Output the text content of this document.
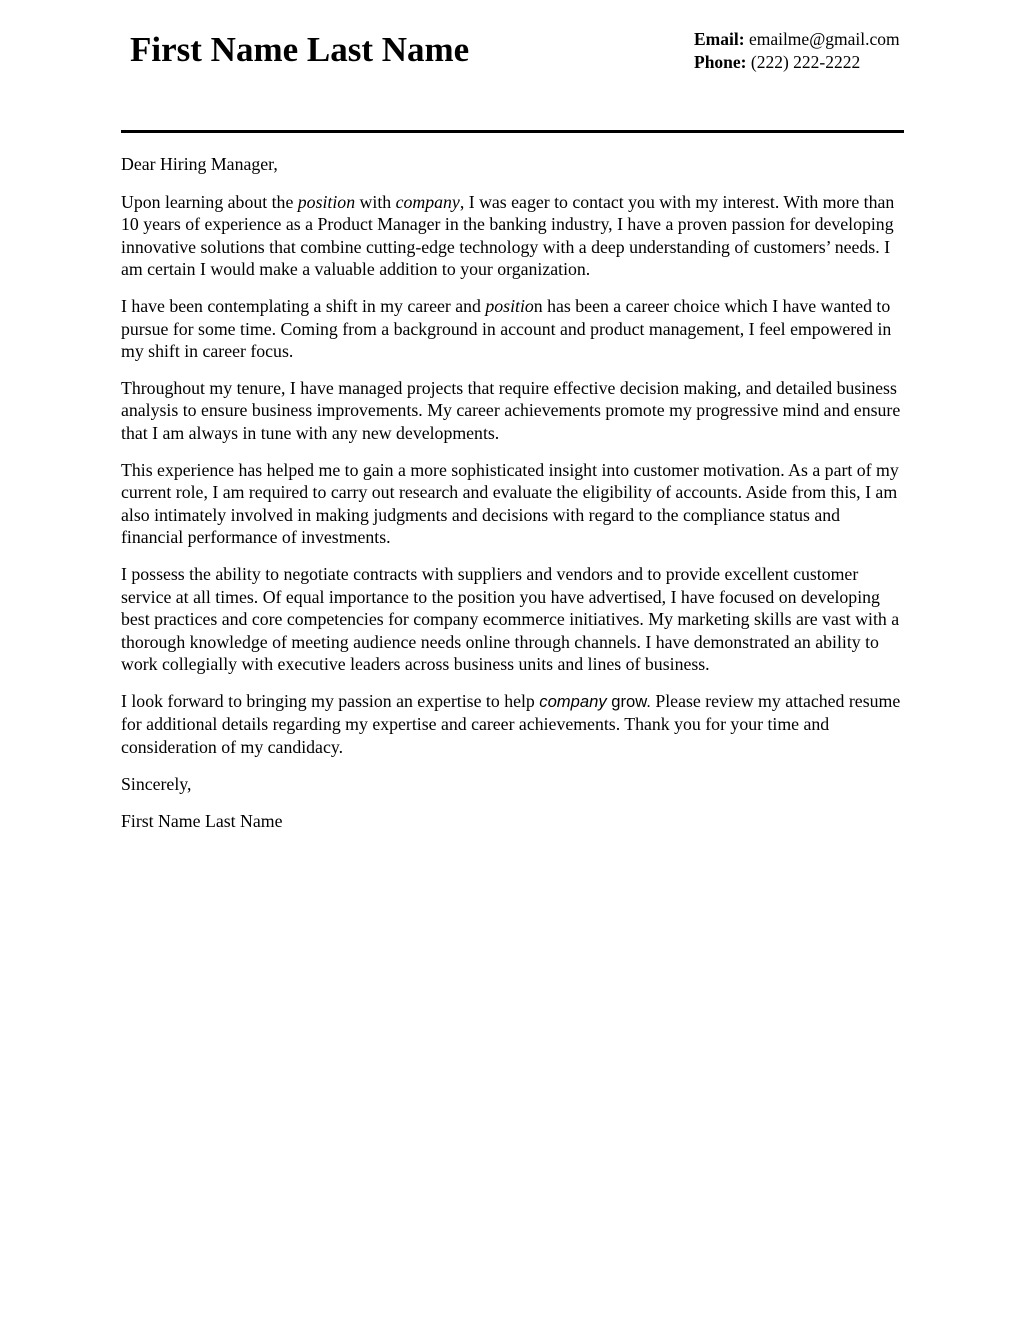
First Name Last Name	Email: emailme@gmail.com
Phone: (222) 222-2222

Dear Hiring Manager,

Upon learning about the position with company, I was eager to contact you with my interest. With more than 10 years of experience as a Product Manager in the banking industry, I have a proven passion for developing innovative solutions that combine cutting-edge technology with a deep understanding of customers’ needs. I am certain I would make a valuable addition to your organization.

I have been contemplating a shift in my career and position has been a career choice which I have wanted to pursue for some time. Coming from a background in account and product management, I feel empowered in my shift in career focus.

Throughout my tenure, I have managed projects that require effective decision making, and detailed business analysis to ensure business improvements. My career achievements promote my progressive mind and ensure that I am always in tune with any new developments.

This experience has helped me to gain a more sophisticated insight into customer motivation. As a part of my current role, I am required to carry out research and evaluate the eligibility of accounts. Aside from this, I am also intimately involved in making judgments and decisions with regard to the compliance status and financial performance of investments.

I possess the ability to negotiate contracts with suppliers and vendors and to provide excellent customer service at all times. Of equal importance to the position you have advertised, I have focused on developing best practices and core competencies for company ecommerce initiatives. My marketing skills are vast with a thorough knowledge of meeting audience needs online through channels. I have demonstrated an ability to work collegially with executive leaders across business units and lines of business.

I look forward to bringing my passion an expertise to help company grow. Please review my attached resume for additional details regarding my expertise and career achievements. Thank you for your time and consideration of my candidacy.

Sincerely,

First Name Last Name
